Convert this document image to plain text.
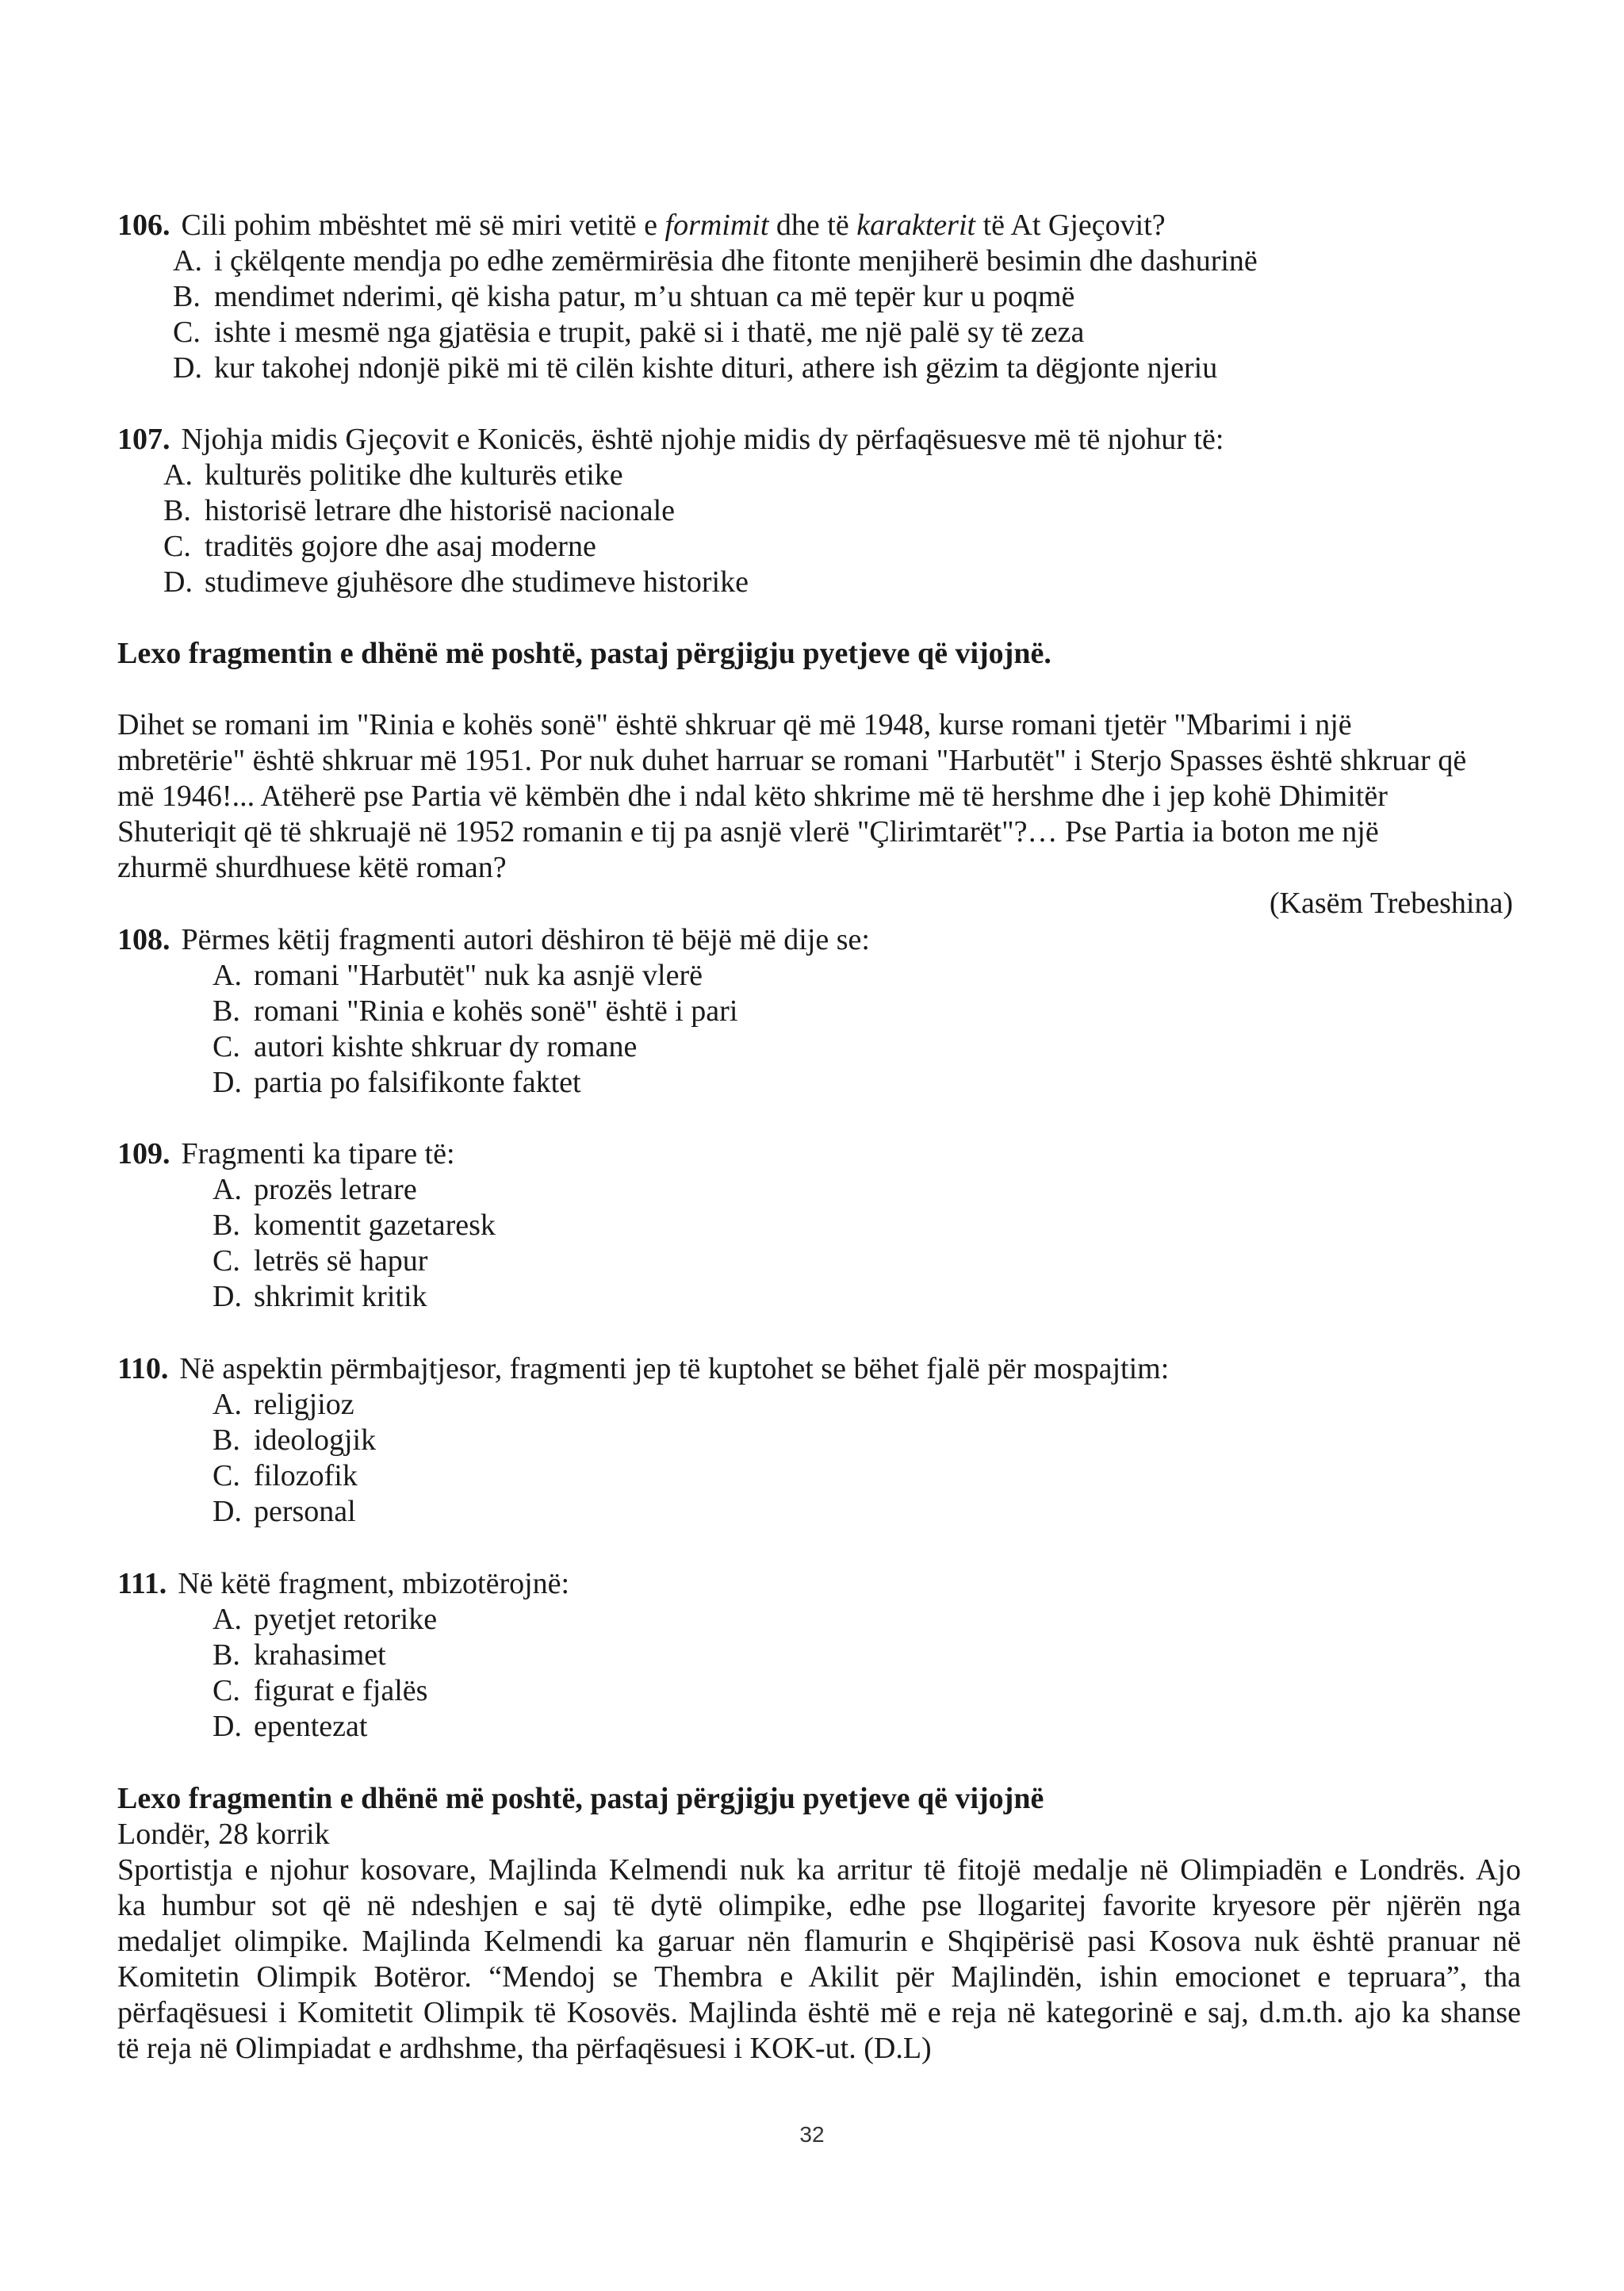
106. Cili pohim mbështet më së miri vetitë e formimit dhe të karakterit të At Gjeçovit?
A. i çkëlqente mendja po edhe zemërmirësia dhe fitonte menjiherë besimin dhe dashurinë
B. mendimet nderimi, që kisha patur, m’u shtuan ca më tepër kur u poqmë
C. ishte i mesmë nga gjatësia e trupit, pakë si i thatë, me një palë sy të zeza
D. kur takohej ndonjë pikë mi të cilën kishte dituri, athere ish gëzim ta dëgjonte njeriu
107. Njohja midis Gjeçovit e Konicës, është njohje midis dy përfaqësuesve më të njohur të:
A. kulturës politike dhe kulturës etike
B. historisë letrare dhe historisë nacionale
C. traditës gojore dhe asaj moderne
D. studimeve gjuhësore dhe studimeve historike
Lexo fragmentin e dhënë më poshtë, pastaj përgjigju pyetjeve që vijojnë.

Dihet se romani im "Rinia e kohës sonë" është shkruar që më 1948, kurse romani tjetër "Mbarimi i një
mbretërie" është shkruar më 1951. Por nuk duhet harruar se romani "Harbutët" i Sterjo Spasses është shkruar që
më 1946!... Atëherë pse Partia vë këmbën dhe i ndal këto shkrime më të hershme dhe i jep kohë Dhimitër
Shuteriqit që të shkruajë në 1952 romanin e tij pa asnjë vlerë "Çlirimtarët"?… Pse Partia ia boton me një
zhurmë shurdhuese këtë roman?

(Kasëm Trebeshina)
108. Përmes këtij fragmenti autori dëshiron të bëjë më dije se:
A. romani "Harbutët" nuk ka asnjë vlerë
B. romani "Rinia e kohës sonë" është i pari
C. autori kishte shkruar dy romane
D. partia po falsifikonte faktet
109. Fragmenti ka tipare të:
A. prozës letrare
B. komentit gazetaresk
C. letrës së hapur
D. shkrimit kritik
110. Në aspektin përmbajtjesor, fragmenti jep të kuptohet se bëhet fjalë për mospajtim:
A. religjioz
B. ideologjik
C. filozofik
D. personal
111. Në këtë fragment, mbizotërojnë:
A. pyetjet retorike
B. krahasimet
C. figurat e fjalës
D. epentezat
Lexo fragmentin e dhënë më poshtë, pastaj përgjigju pyetjeve që vijojnë
Londër, 28 korrik

Sportistja e njohur kosovare, Majlinda Kelmendi nuk ka arritur të fitojë medalje në Olimpiadën e Londrës. Ajo
ka humbur sot që në ndeshjen e saj të dytë olimpike, edhe pse llogaritej favorite kryesore për njërën nga
medaljet olimpike. Majlinda Kelmendi ka garuar nën flamurin e Shqipërisë pasi Kosova nuk është pranuar në
Komitetin Olimpik Botëror. “Mendoj se Thembra e Akilit për Majlindën, ishin emocionet e tepruara”, tha
përfaqësuesi i Komitetit Olimpik të Kosovës. Majlinda është më e reja në kategorinë e saj, d.m.th. ajo ka shanse
të reja në Olimpiadat e ardhshme, tha përfaqësuesi i KOK-ut. (D.L)

32
